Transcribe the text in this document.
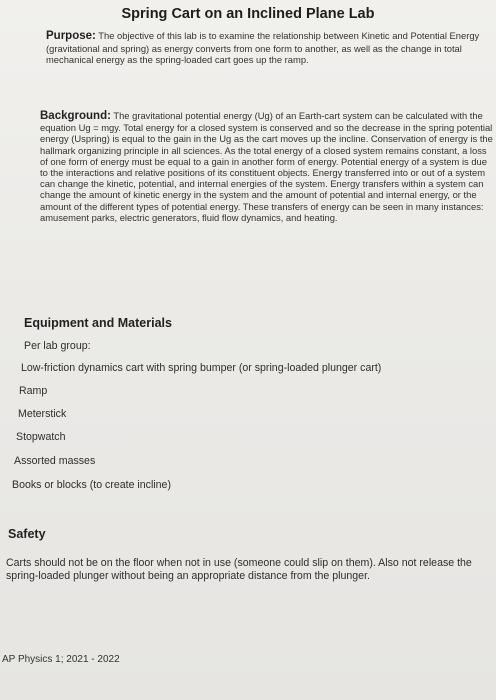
Spring Cart on an Inclined Plane Lab
Purpose: The objective of this lab is to examine the relationship between Kinetic and Potential Energy (gravitational and spring) as energy converts from one form to another, as well as the change in total mechanical energy as the spring-loaded cart goes up the ramp.
Background: The gravitational potential energy (Ug) of an Earth-cart system can be calculated with the equation Ug = mgy. Total energy for a closed system is conserved and so the decrease in the spring potential energy (Uspring) is equal to the gain in the Ug as the cart moves up the incline. Conservation of energy is the hallmark organizing principle in all sciences. As the total energy of a closed system remains constant, a loss of one form of energy must be equal to a gain in another form of energy. Potential energy of a system is due to the interactions and relative positions of its constituent objects. Energy transferred into or out of a system can change the kinetic, potential, and internal energies of the system. Energy transfers within a system can change the amount of kinetic energy in the system and the amount of potential and internal energy, or the amount of the different types of potential energy. These transfers of energy can be seen in many instances: amusement parks, electric generators, fluid flow dynamics, and heating.
Equipment and Materials
Per lab group:
Low-friction dynamics cart with spring bumper (or spring-loaded plunger cart)
Ramp
Meterstick
Stopwatch
Assorted masses
Books or blocks (to create incline)
Safety
Carts should not be on the floor when not in use (someone could slip on them). Also not release the spring-loaded plunger without being an appropriate distance from the plunger.
AP Physics 1; 2021 - 2022
